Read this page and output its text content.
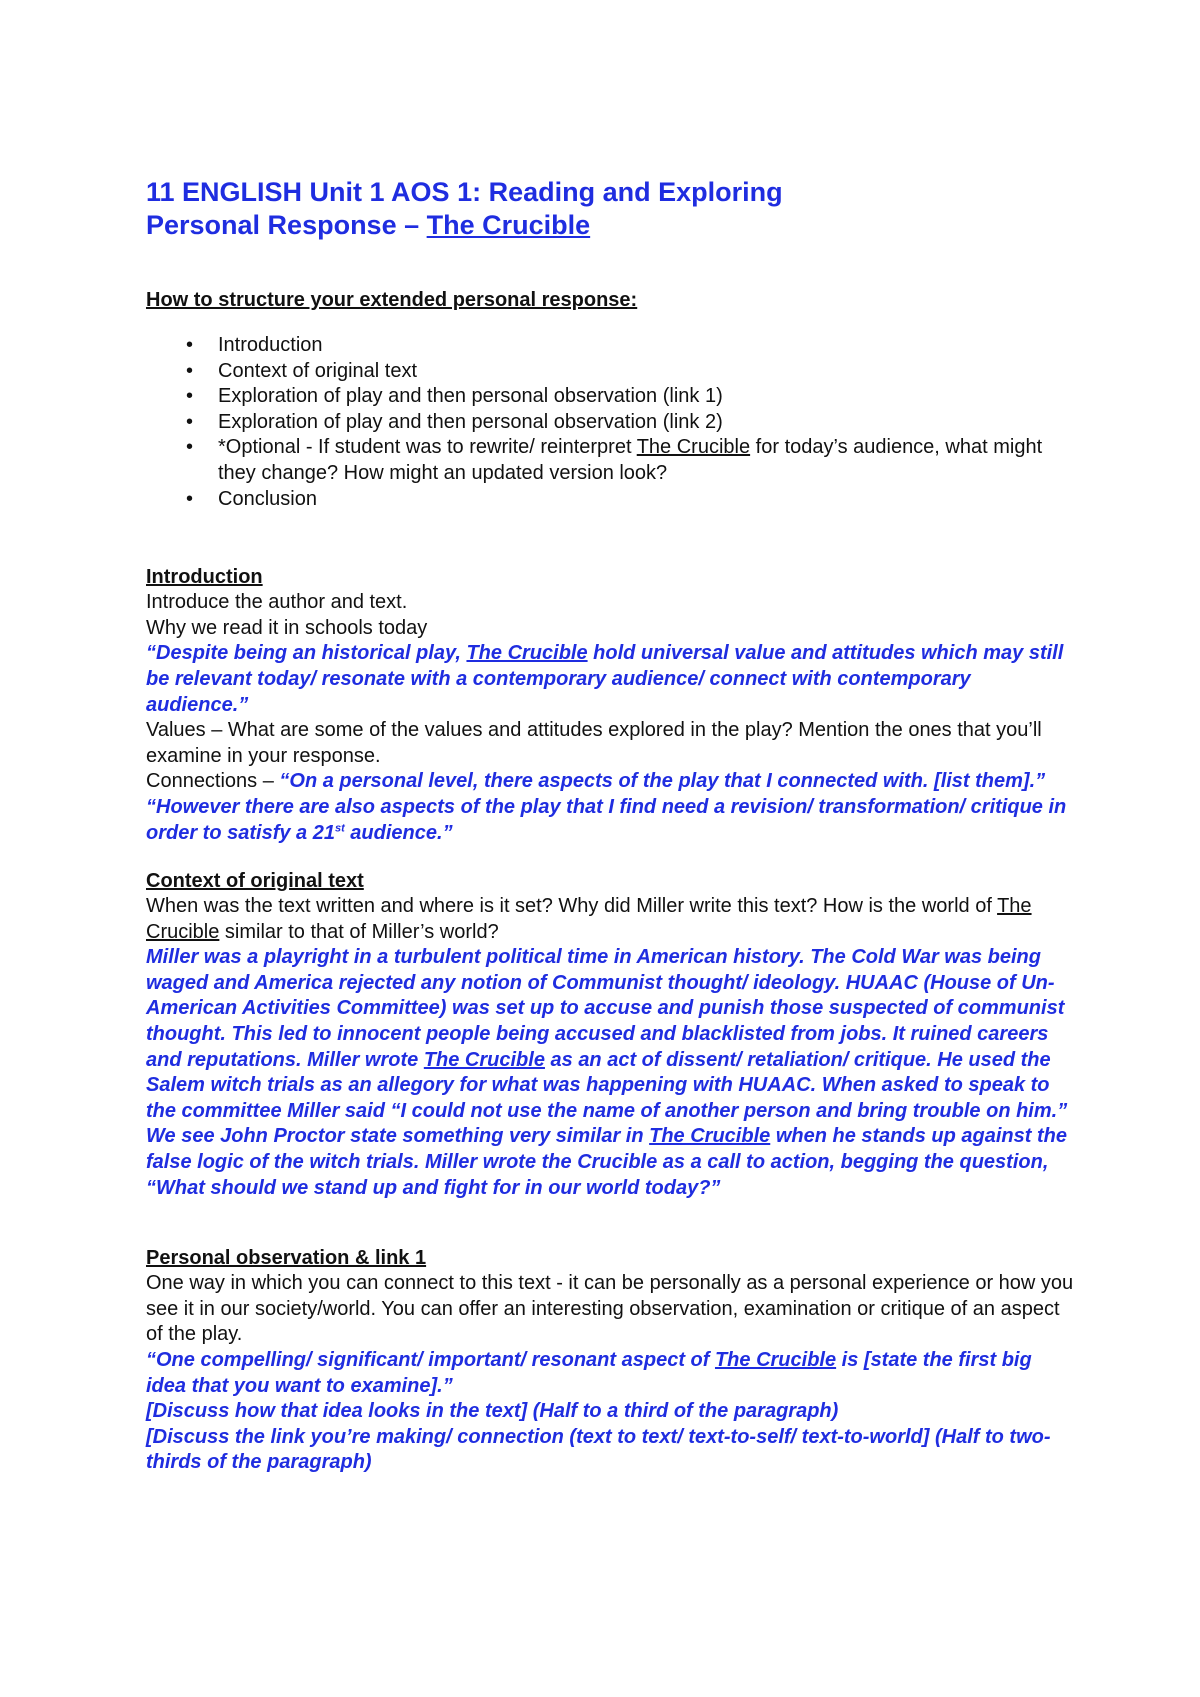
11 ENGLISH Unit 1 AOS 1: Reading and Exploring
Personal Response – The Crucible

How to structure your extended personal response:

• Introduction
• Context of original text
• Exploration of play and then personal observation (link 1)
• Exploration of play and then personal observation (link 2)
• *Optional - If student was to rewrite/ reinterpret The Crucible for today’s audience, what might they change? How might an updated version look?
• Conclusion

Introduction

Introduce the author and text.

Why we read it in schools today

“Despite being an historical play, The Crucible hold universal value and attitudes which may still be relevant today/ resonate with a contemporary audience/ connect with contemporary audience.”

Values – What are some of the values and attitudes explored in the play? Mention the ones that you’ll examine in your response.

Connections – “On a personal level, there aspects of the play that I connected with. [list them].”

“However there are also aspects of the play that I find need a revision/ transformation/ critique in order to satisfy a 21st audience.”

Context of original text

When was the text written and where is it set? Why did Miller write this text? How is the world of The Crucible similar to that of Miller’s world?

Miller was a playright in a turbulent political time in American history. The Cold War was being waged and America rejected any notion of Communist thought/ ideology. HUAAC (House of Un-American Activities Committee) was set up to accuse and punish those suspected of communist thought. This led to innocent people being accused and blacklisted from jobs. It ruined careers and reputations. Miller wrote The Crucible as an act of dissent/ retaliation/ critique. He used the Salem witch trials as an allegory for what was happening with HUAAC. When asked to speak to the committee Miller said “I could not use the name of another person and bring trouble on him.” We see John Proctor state something very similar in The Crucible when he stands up against the false logic of the witch trials. Miller wrote the Crucible as a call to action, begging the question, “What should we stand up and fight for in our world today?”

Personal observation & link 1

One way in which you can connect to this text - it can be personally as a personal experience or how you see it in our society/world. You can offer an interesting observation, examination or critique of an aspect of the play.

“One compelling/ significant/ important/ resonant aspect of The Crucible is [state the first big idea that you want to examine].”

[Discuss how that idea looks in the text] (Half to a third of the paragraph)

[Discuss the link you’re making/ connection (text to text/ text-to-self/ text-to-world] (Half to two-thirds of the paragraph)
